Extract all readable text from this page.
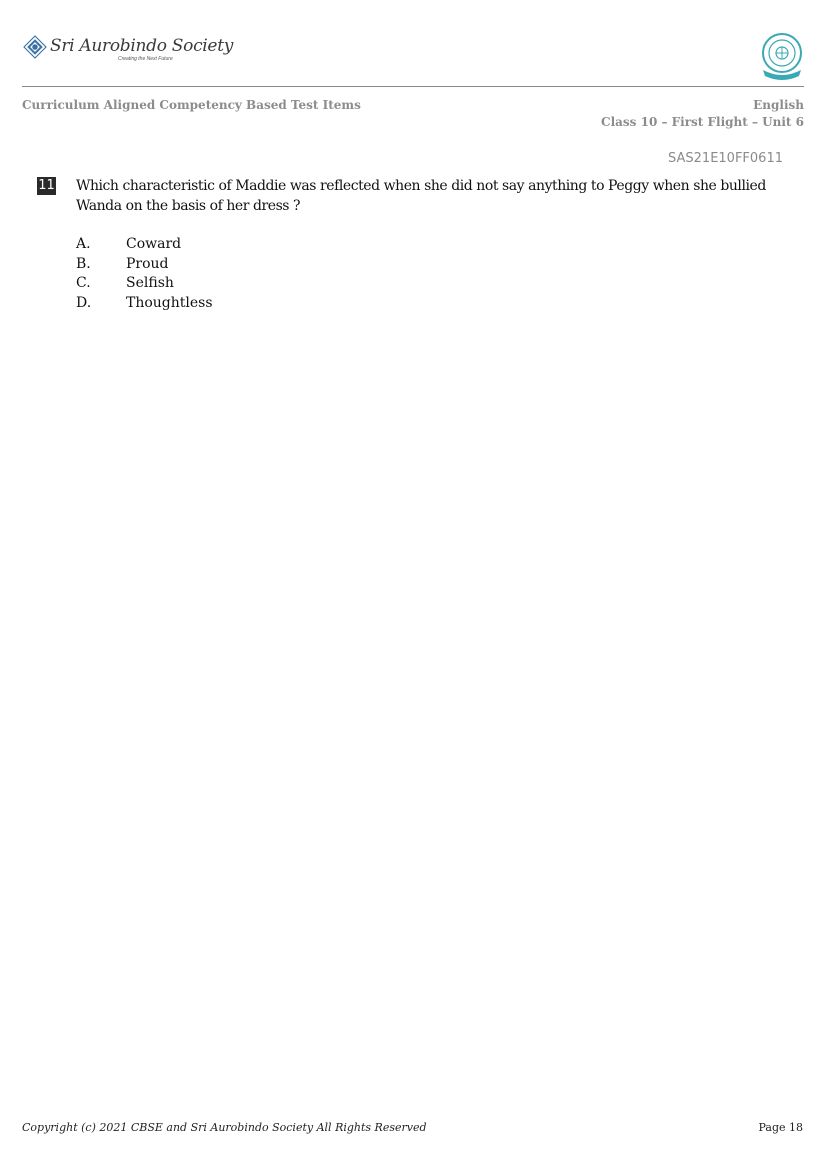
Sri Aurobindo Society
Creating the Next Future
Curriculum Aligned Competency Based Test Items	English
Class 10 – First Flight – Unit 6
SAS21E10FF0611
11 Which characteristic of Maddie was reflected when she did not say anything to Peggy when she bullied Wanda on the basis of her dress ?
A.	Coward
B.	Proud
C.	Selfish
D. Thoughtless
Copyright (c) 2021 CBSE and Sri Aurobindo Society All Rights Reserved	Page 18
